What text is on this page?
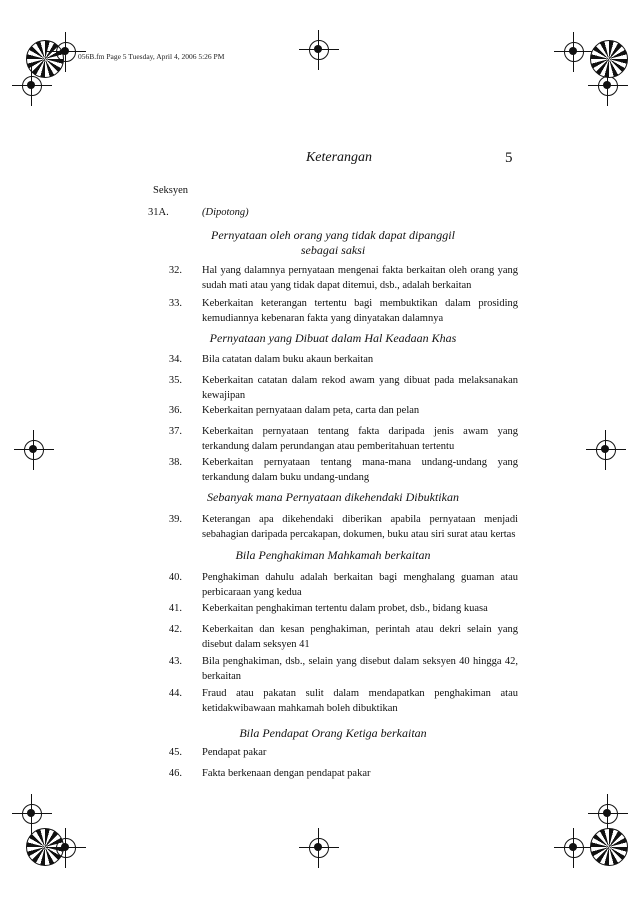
056B.fm Page 5 Tuesday, April 4, 2006 5:26 PM
Keterangan	5
Seksyen
31A.	(Dipotong)
Pernyataan oleh orang yang tidak dapat dipanggil
sebagai saksi
32. Hal yang dalamnya pernyataan mengenai fakta berkaitan oleh orang yang sudah mati atau yang tidak dapat ditemui, dsb., adalah berkaitan
33. Keberkaitan keterangan tertentu bagi membuktikan dalam prosiding kemudiannya kebenaran fakta yang dinyatakan dalamnya
Pernyataan yang Dibuat dalam Hal Keadaan Khas
34. Bila catatan dalam buku akaun berkaitan
35. Keberkaitan catatan dalam rekod awam yang dibuat pada melaksanakan kewajipan
36. Keberkaitan pernyataan dalam peta, carta dan pelan
37. Keberkaitan pernyataan tentang fakta daripada jenis awam yang terkandung dalam perundangan atau pemberitahuan tertentu
38. Keberkaitan pernyataan tentang mana-mana undang-undang yang terkandung dalam buku undang-undang
Sebanyak mana Pernyataan dikehendaki Dibuktikan
39. Keterangan apa dikehendaki diberikan apabila pernyataan menjadi sebahagian daripada percakapan, dokumen, buku atau siri surat atau kertas
Bila Penghakiman Mahkamah berkaitan
40. Penghakiman dahulu adalah berkaitan bagi menghalang guaman atau perbicaraan yang kedua
41. Keberkaitan penghakiman tertentu dalam probet, dsb., bidang kuasa
42. Keberkaitan dan kesan penghakiman, perintah atau dekri selain yang disebut dalam seksyen 41
43. Bila penghakiman, dsb., selain yang disebut dalam seksyen 40 hingga 42, berkaitan
44. Fraud atau pakatan sulit dalam mendapatkan penghakiman atau ketidakwibawaan mahkamah boleh dibuktikan
Bila Pendapat Orang Ketiga berkaitan
45. Pendapat pakar
46. Fakta berkenaan dengan pendapat pakar
